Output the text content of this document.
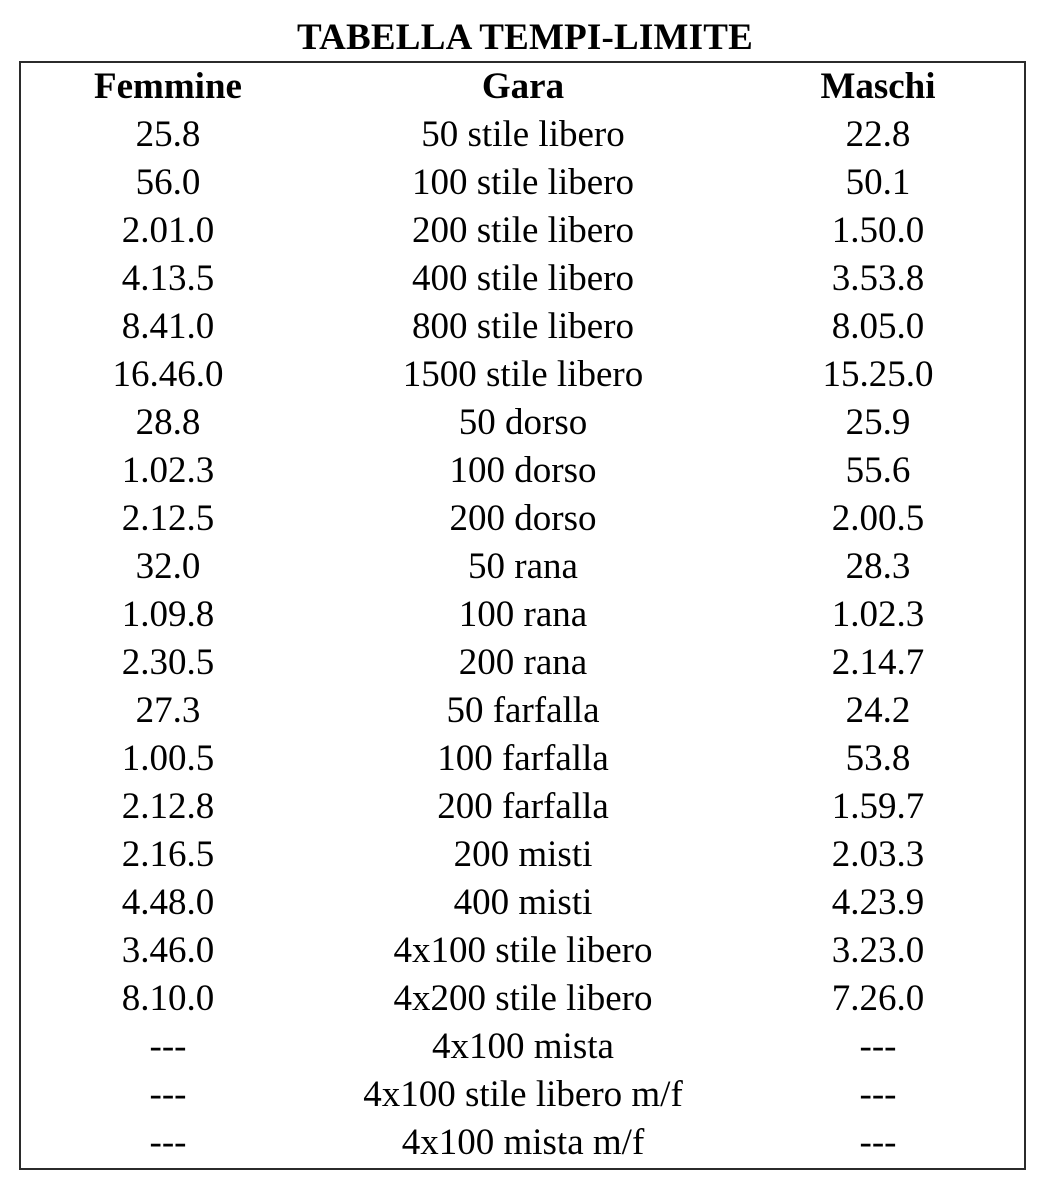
TABELLA TEMPI-LIMITE
Femmine	Gara	Maschi
25.8	50 stile libero	22.8
56.0	100 stile libero	50.1
2.01.0	200 stile libero	1.50.0
4.13.5	400 stile libero	3.53.8
8.41.0	800 stile libero	8.05.0
16.46.0	1500 stile libero	15.25.0
28.8	50 dorso	25.9
1.02.3	100 dorso	55.6
2.12.5	200 dorso	2.00.5
32.0	50 rana	28.3
1.09.8	100 rana	1.02.3
2.30.5	200 rana	2.14.7
27.3	50 farfalla	24.2
1.00.5	100 farfalla	53.8
2.12.8	200 farfalla	1.59.7
2.16.5	200 misti	2.03.3
4.48.0	400 misti	4.23.9
3.46.0	4x100 stile libero	3.23.0
8.10.0	4x200 stile libero	7.26.0
---	4x100 mista	---
---	4x100 stile libero m/f	---
---	4x100 mista m/f	---
